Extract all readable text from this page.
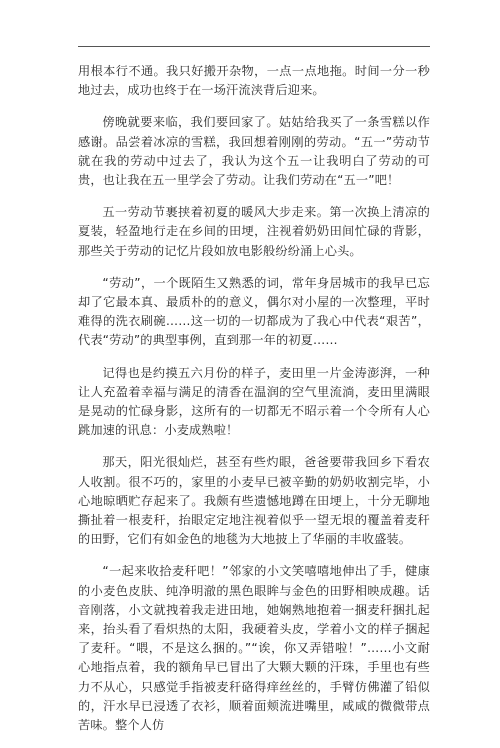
用根本行不通。我只好搬开杂物，一点一点地拖。时间一分一秒地过去，成功也终于在一场汗流浃背后迎来。

傍晚就要来临，我们要回家了。姑姑给我买了一条雪糕以作感谢。品尝着冰凉的雪糕，我回想着刚刚的劳动。“五一”劳动节就在我的劳动中过去了，我认为这个五一让我明白了劳动的可贵，也让我在五一里学会了劳动。让我们劳动在“五一”吧！

五一劳动节裹挟着初夏的暖风大步走来。第一次换上清凉的夏装，轻盈地行走在乡间的田埂，注视着奶奶田间忙碌的背影，那些关于劳动的记忆片段如放电影般纷纷涌上心头。

“劳动”，一个既陌生又熟悉的词，常年身居城市的我早已忘却了它最本真、最质朴的的意义，偶尔对小屋的一次整理，平时难得的洗衣刷碗……这一切的一切都成为了我心中代表“艰苦”，代表“劳动”的典型事例，直到那一年的初夏……

记得也是约摸五六月份的样子，麦田里一片金涛澎湃，一种让人充盈着幸福与满足的清香在温润的空气里流淌，麦田里满眼是晃动的忙碌身影，这所有的一切都无不昭示着一个令所有人心跳加速的讯息：小麦成熟啦！

那天，阳光很灿烂，甚至有些灼眼，爸爸要带我回乡下看农人收割。很不巧的，家里的小麦早已被辛勤的奶奶收割完毕，小心地晾晒贮存起来了。我颇有些遗憾地蹲在田埂上，十分无聊地撕扯着一根麦秆，抬眼定定地注视着似乎一望无垠的覆盖着麦秆的田野，它们有如金色的地毯为大地披上了华丽的丰收盛装。

“一起来收拾麦秆吧！”邻家的小文笑嘻嘻地伸出了手，健康的小麦色皮肤、纯净明澈的黑色眼眸与金色的田野相映成趣。话音刚落，小文就拽着我走进田地，她娴熟地抱着一捆麦秆捆扎起来，抬头看了看炽热的太阳，我硬着头皮，学着小文的样子捆起了麦秆。“喂，不是这么捆的。”“诶，你又弄错啦！”……小文耐心地指点着，我的额角早已冒出了大颗大颗的汗珠，手里也有些力不从心，只感觉手指被麦秆硌得痒丝丝的，手臂仿佛灌了铅似的，汗水早已浸透了衣衫，顺着面颊流进嘴里，咸咸的微微带点苦味。整个人仿
